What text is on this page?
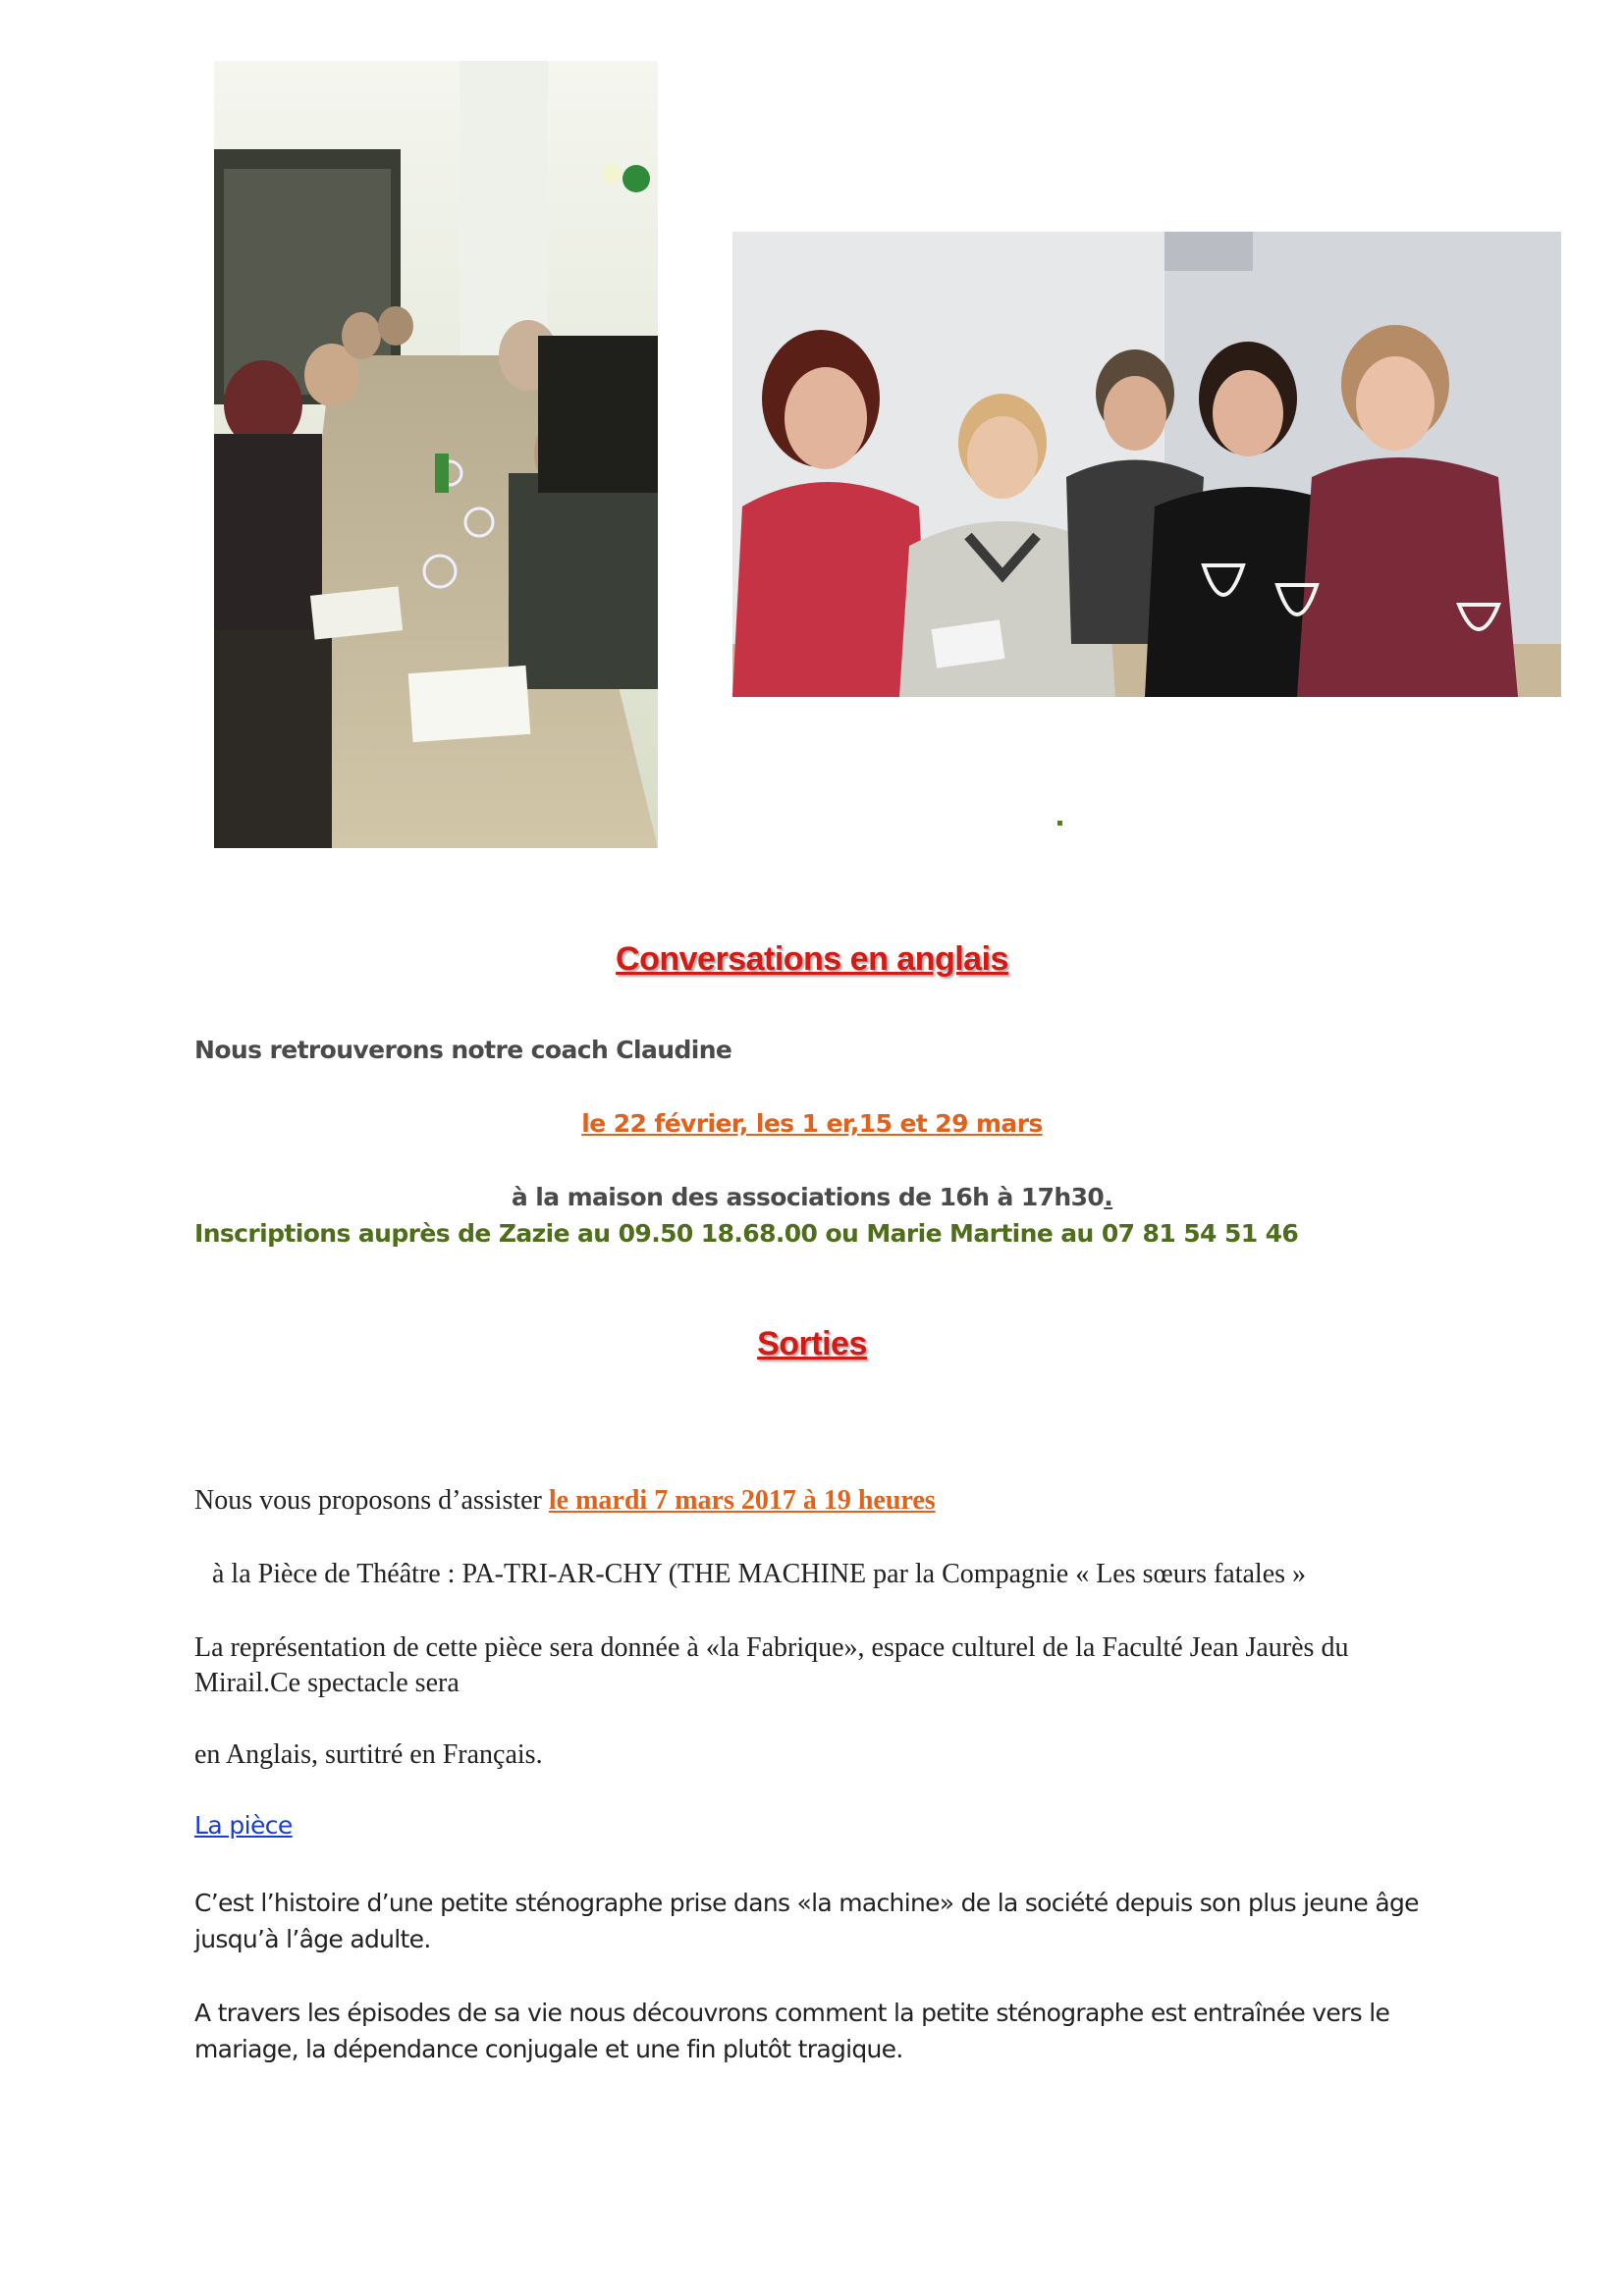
Conversations en anglais
Nous retrouverons notre coach Claudine
le 22 février, les 1 er,15 et 29 mars
à la maison des associations de 16h à 17h30.
Inscriptions auprès de Zazie au 09.50 18.68.00 ou Marie Martine au 07 81 54 51 46
Sorties
Nous vous proposons d’assister le mardi 7 mars 2017 à 19 heures
à la Pièce de Théâtre : PA-TRI-AR-CHY (THE MACHINE par la Compagnie « Les sœurs fatales »
La représentation de cette pièce sera donnée à «la Fabrique», espace culturel de la Faculté Jean Jaurès du Mirail.Ce spectacle sera
en Anglais, surtitré en Français.
La pièce
C’est l’histoire d’une petite sténographe prise dans «la machine» de la société depuis son plus jeune âge jusqu’à l’âge adulte.
A travers les épisodes de sa vie nous découvrons comment la petite sténographe est entraînée vers le mariage, la dépendance conjugale et une fin plutôt tragique.
